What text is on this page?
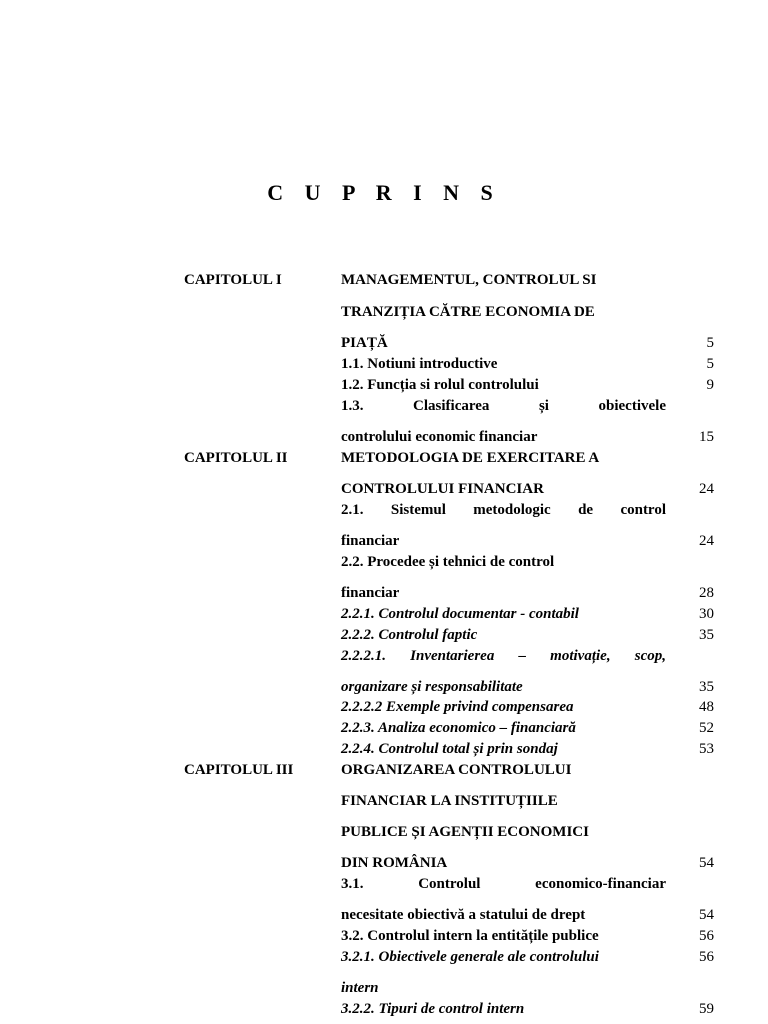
C U P R I N S
CAPITOLUL I
CAPITOLUL II
CAPITOLUL III
MANAGEMENTUL, CONTROLUL SI
TRANZIȚIA CĂTRE ECONOMIA DE
PIAȚĂ
1.1. Notiuni introductive
1.2. Funcția si rolul controlului
1.3. Clasificarea și obiectivele
controlului economic financiar
METODOLOGIA DE EXERCITARE A
CONTROLULUI FINANCIAR
2.1. Sistemul metodologic de control
financiar
2.2. Procedee și tehnici de control
financiar
2.2.1. Controlul documentar - contabil
2.2.2. Controlul faptic
2.2.2.1. Inventarierea – motivație, scop,
organizare și responsabilitate
2.2.2.2 Exemple privind compensarea
2.2.3. Analiza economico – financiară
2.2.4. Controlul total și prin sondaj
ORGANIZAREA CONTROLULUI
FINANCIAR LA INSTITUȚIILE
PUBLICE ȘI AGENȚII ECONOMICI
DIN ROMÂNIA
3.1. Controlul economico-financiar
necesitate obiectivă a statului de drept
3.2. Controlul intern la entitățile publice
3.2.1. Obiectivele generale ale controlului
intern
3.2.2. Tipuri de control intern
5
5
9
15
24
24
28
30
35
35
48
52
53
54
54
56
56
59
